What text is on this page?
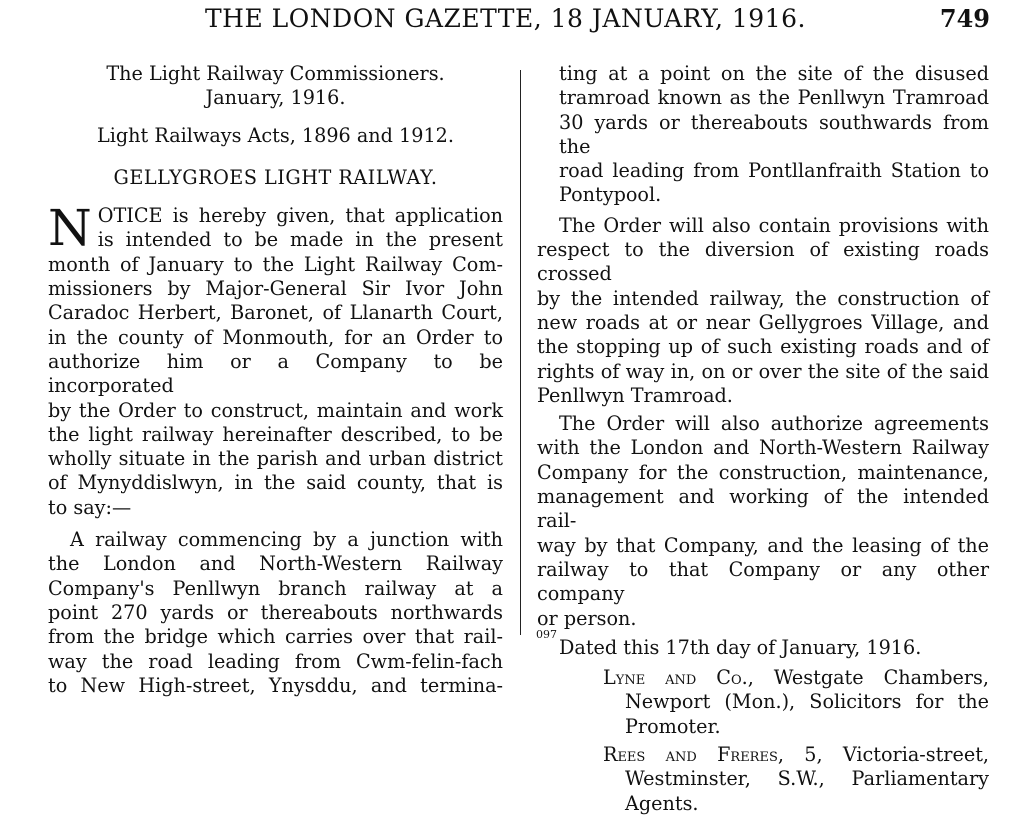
THE LONDON GAZETTE, 18 JANUARY, 1916.	749
The Light Railway Commissioners.
January, 1916.
Light Railways Acts, 1896 and 1912.
GELLYGROES LIGHT RAILWAY.
N OTICE is hereby given, that application
is intended to be made in the present
month of January to the Light Railway Com-
missioners by Major-General Sir Ivor John
Caradoc Herbert, Baronet, of Llanarth Court,
in the county of Monmouth, for an Order to
authorize him or a Company to be incorporated
by the Order to construct, maintain and work
the light railway hereinafter described, to be
wholly situate in the parish and urban district
of Mynyddislwyn, in the said county, that is
to say:—
A railway commencing by a junction with
the London and North-Western Railway
Company's Penllwyn branch railway at a
point 270 yards or thereabouts northwards
from the bridge which carries over that rail-
way the road leading from Cwm-felin-fach
to New High-street, Ynysddu, and termina-
ting at a point on the site of the disused
tramroad known as the Penllwyn Tramroad
30 yards or thereabouts southwards from the
road leading from Pontllanfraith Station to
Pontypool.
The Order will also contain provisions with
respect to the diversion of existing roads crossed
by the intended railway, the construction of
new roads at or near Gellygroes Village, and
the stopping up of such existing roads and of
rights of way in, on or over the site of the said
Penllwyn Tramroad.
The Order will also authorize agreements
with the London and North-Western Railway
Company for the construction, maintenance,
management and working of the intended rail-
way by that Company, and the leasing of the
railway to that Company or any other company
or person.
Dated this 17th day of January, 1916.
Lyne and Co., Westgate Chambers,
Newport (Mon.), Solicitors for the
Promoter.
Rees and Freres, 5, Victoria-street,
Westminster, S.W., Parliamentary
Agents.
097
